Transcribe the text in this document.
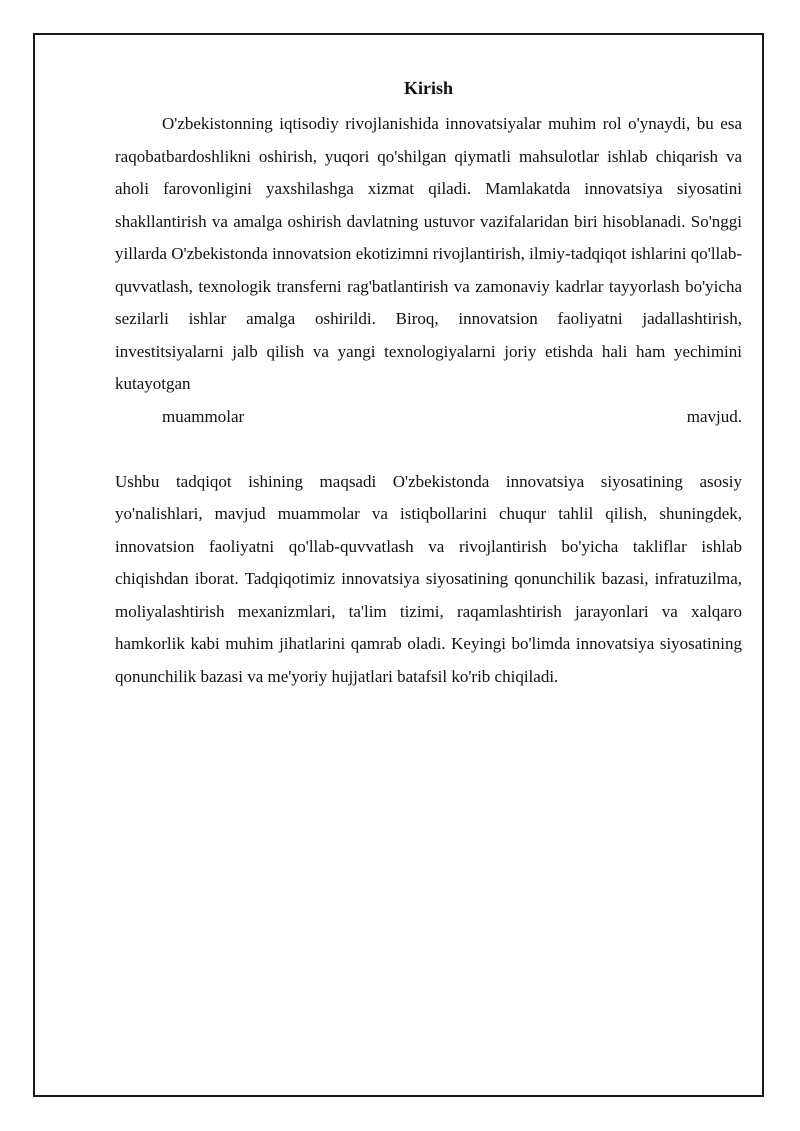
Kirish

O'zbekistonning iqtisodiy rivojlanishida innovatsiyalar muhim rol o'ynaydi, bu esa raqobatbardoshlikni oshirish, yuqori qo'shilgan qiymatli mahsulotlar ishlab chiqarish va aholi farovonligini yaxshilashga xizmat qiladi. Mamlakatda innovatsiya siyosatini shakllantirish va amalga oshirish davlatning ustuvor vazifalaridan biri hisoblanadi. So'nggi yillarda O'zbekistonda innovatsion ekotizimni rivojlantirish, ilmiy-tadqiqot ishlarini qo'llab-quvvatlash, texnologik transferni rag'batlantirish va zamonaviy kadrlar tayyorlash bo'yicha sezilarli ishlar amalga oshirildi. Biroq, innovatsion faoliyatni jadallashtirish, investitsiyalarni jalb qilish va yangi texnologiyalarni joriy etishda hali ham yechimini kutayotgan
muammolar mavjud.

Ushbu tadqiqot ishining maqsadi O'zbekistonda innovatsiya siyosatining asosiy yo'nalishlari, mavjud muammolar va istiqbollarini chuqur tahlil qilish, shuningdek, innovatsion faoliyatni qo'llab-quvvatlash va rivojlantirish bo'yicha takliflar ishlab chiqishdan iborat. Tadqiqotimiz innovatsiya siyosatining qonunchilik bazasi, infratuzilma, moliyalashtirish mexanizmlari, ta'lim tizimi, raqamlashtirish jarayonlari va xalqaro hamkorlik kabi muhim jihatlarini qamrab oladi. Keyingi bo'limda innovatsiya siyosatining qonunchilik bazasi va me'yoriy hujjatlari batafsil ko'rib chiqiladi.
